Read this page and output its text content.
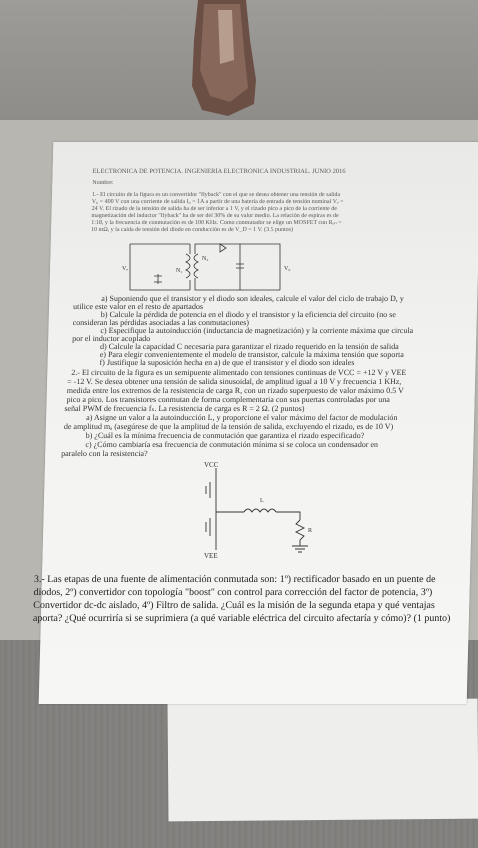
ELECTRÓNICA DE POTENCIA. INGENIERÍA ELECTRÓNICA INDUSTRIAL. JUNIO 2016
Nombre:
1.- El circuito de la figura es un convertidor "flyback" con el que se desea obtener una tensión de salida
V₀ = 400 V con una corriente de salida I₀ = 1A a partir de una batería de entrada de tensión nominal Vₑ =
24 V. El rizado de la tensión de salida ha de ser inferior a 1 V, y el rizado pico a pico de la corriente de
magnetización del inductor "flyback" ha de ser del 30% de su valor medio. La relación de espiras es de
1:18, y la frecuencia de conmutación es de 100 KHz. Como conmutador se elige un MOSFET con Rₒₙ =
10 mΩ, y la caída de tensión del diodo en conducción es de V_D = 1 V. (3.5 puntos)
a) Suponiendo que el transistor y el diodo son ideales, calcule el valor del ciclo de trabajo D, y
utilice este valor en el resto de apartados
b) Calcule la pérdida de potencia en el diodo y el transistor y la eficiencia del circuito (no se
consideran las pérdidas asociadas a las conmutaciones)
c) Especifique la autoinducción (inductancia de magnetización) y la corriente máxima que circula
por el inductor acoplado
d) Calcule la capacidad C necesaria para garantizar el rizado requerido en la tensión de salida
e) Para elegir convenientemente el modelo de transistor, calcule la máxima tensión que soporta
f) Justifique la suposición hecha en a) de que el transistor y el diodo son ideales
2.- El circuito de la figura es un semipuente alimentado con tensiones continuas de VCC = +12 V y VEE
= -12 V. Se desea obtener una tensión de salida sinusoidal, de amplitud igual a 10 V y frecuencia 1 KHz,
medida entre los extremos de la resistencia de carga R, con un rizado superpuesto de valor máximo 0.5 V
pico a pico. Los transistores conmutan de forma complementaria con sus puertas controladas por una
señal PWM de frecuencia fₛ. La resistencia de carga es R = 2 Ω. (2 puntos)
a) Asigne un valor a la autoinducción L, y proporcione el valor máximo del factor de modulación
de amplitud mₐ (asegúrese de que la amplitud de la tensión de salida, excluyendo el rizado, es de 10 V)
b) ¿Cuál es la mínima frecuencia de conmutación que garantiza el rizado especificado?
c) ¿Cómo cambiaría esa frecuencia de conmutación mínima si se coloca un condensador en
paralelo con la resistencia?
3.- Las etapas de una fuente de alimentación conmutada son: 1º) rectificador basado en un puente de
diodos, 2º) convertidor con topología "boost" con control para corrección del factor de potencia, 3º)
Convertidor dc-dc aislado, 4º) Filtro de salida. ¿Cuál es la misión de la segunda etapa y qué ventajas
aporta? ¿Qué ocurriría si se suprimiera (a qué variable eléctrica del circuito afectaría y cómo)? (1 punto)
N₁
N₂
Vₑ	V₀
VCC
VEE
L
R
